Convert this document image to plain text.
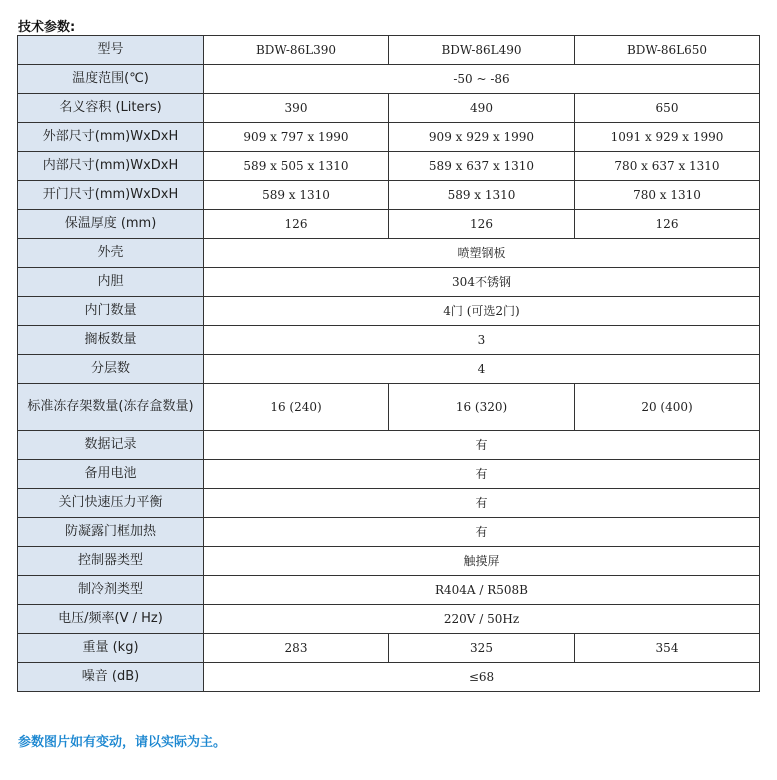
技术参数:
型号	BDW-86L390	BDW-86L490	BDW-86L650
温度范围(℃)	-50 ~ -86		
名义容积 (Liters)	390	490	650
外部尺寸(mm)WxDxH	909 x 797 x 1990	909 x 929 x 1990	1091 x 929 x 1990
内部尺寸(mm)WxDxH	589 x 505 x 1310	589 x 637 x 1310	780 x 637 x 1310
开门尺寸(mm)WxDxH	589 x 1310	589 x 1310	780 x 1310
保温厚度 (mm)	126	126	126
外壳	喷塑钢板		
内胆	304不锈钢		
内门数量	4门 (可选2门)		
搁板数量	3		
分层数	4		
标准冻存架数量(冻存盒数量)	16 (240)	16 (320)	20 (400)
数据记录	有		
备用电池	有		
关门快速压力平衡	有		
防凝露门框加热	有		
控制器类型	触摸屏		
制冷剂类型	R404A / R508B		
电压/频率(V / Hz)	220V / 50Hz		
重量 (kg)	283	325	354
噪音 (dB)	≤68		
参数图片如有变动，请以实际为主。
